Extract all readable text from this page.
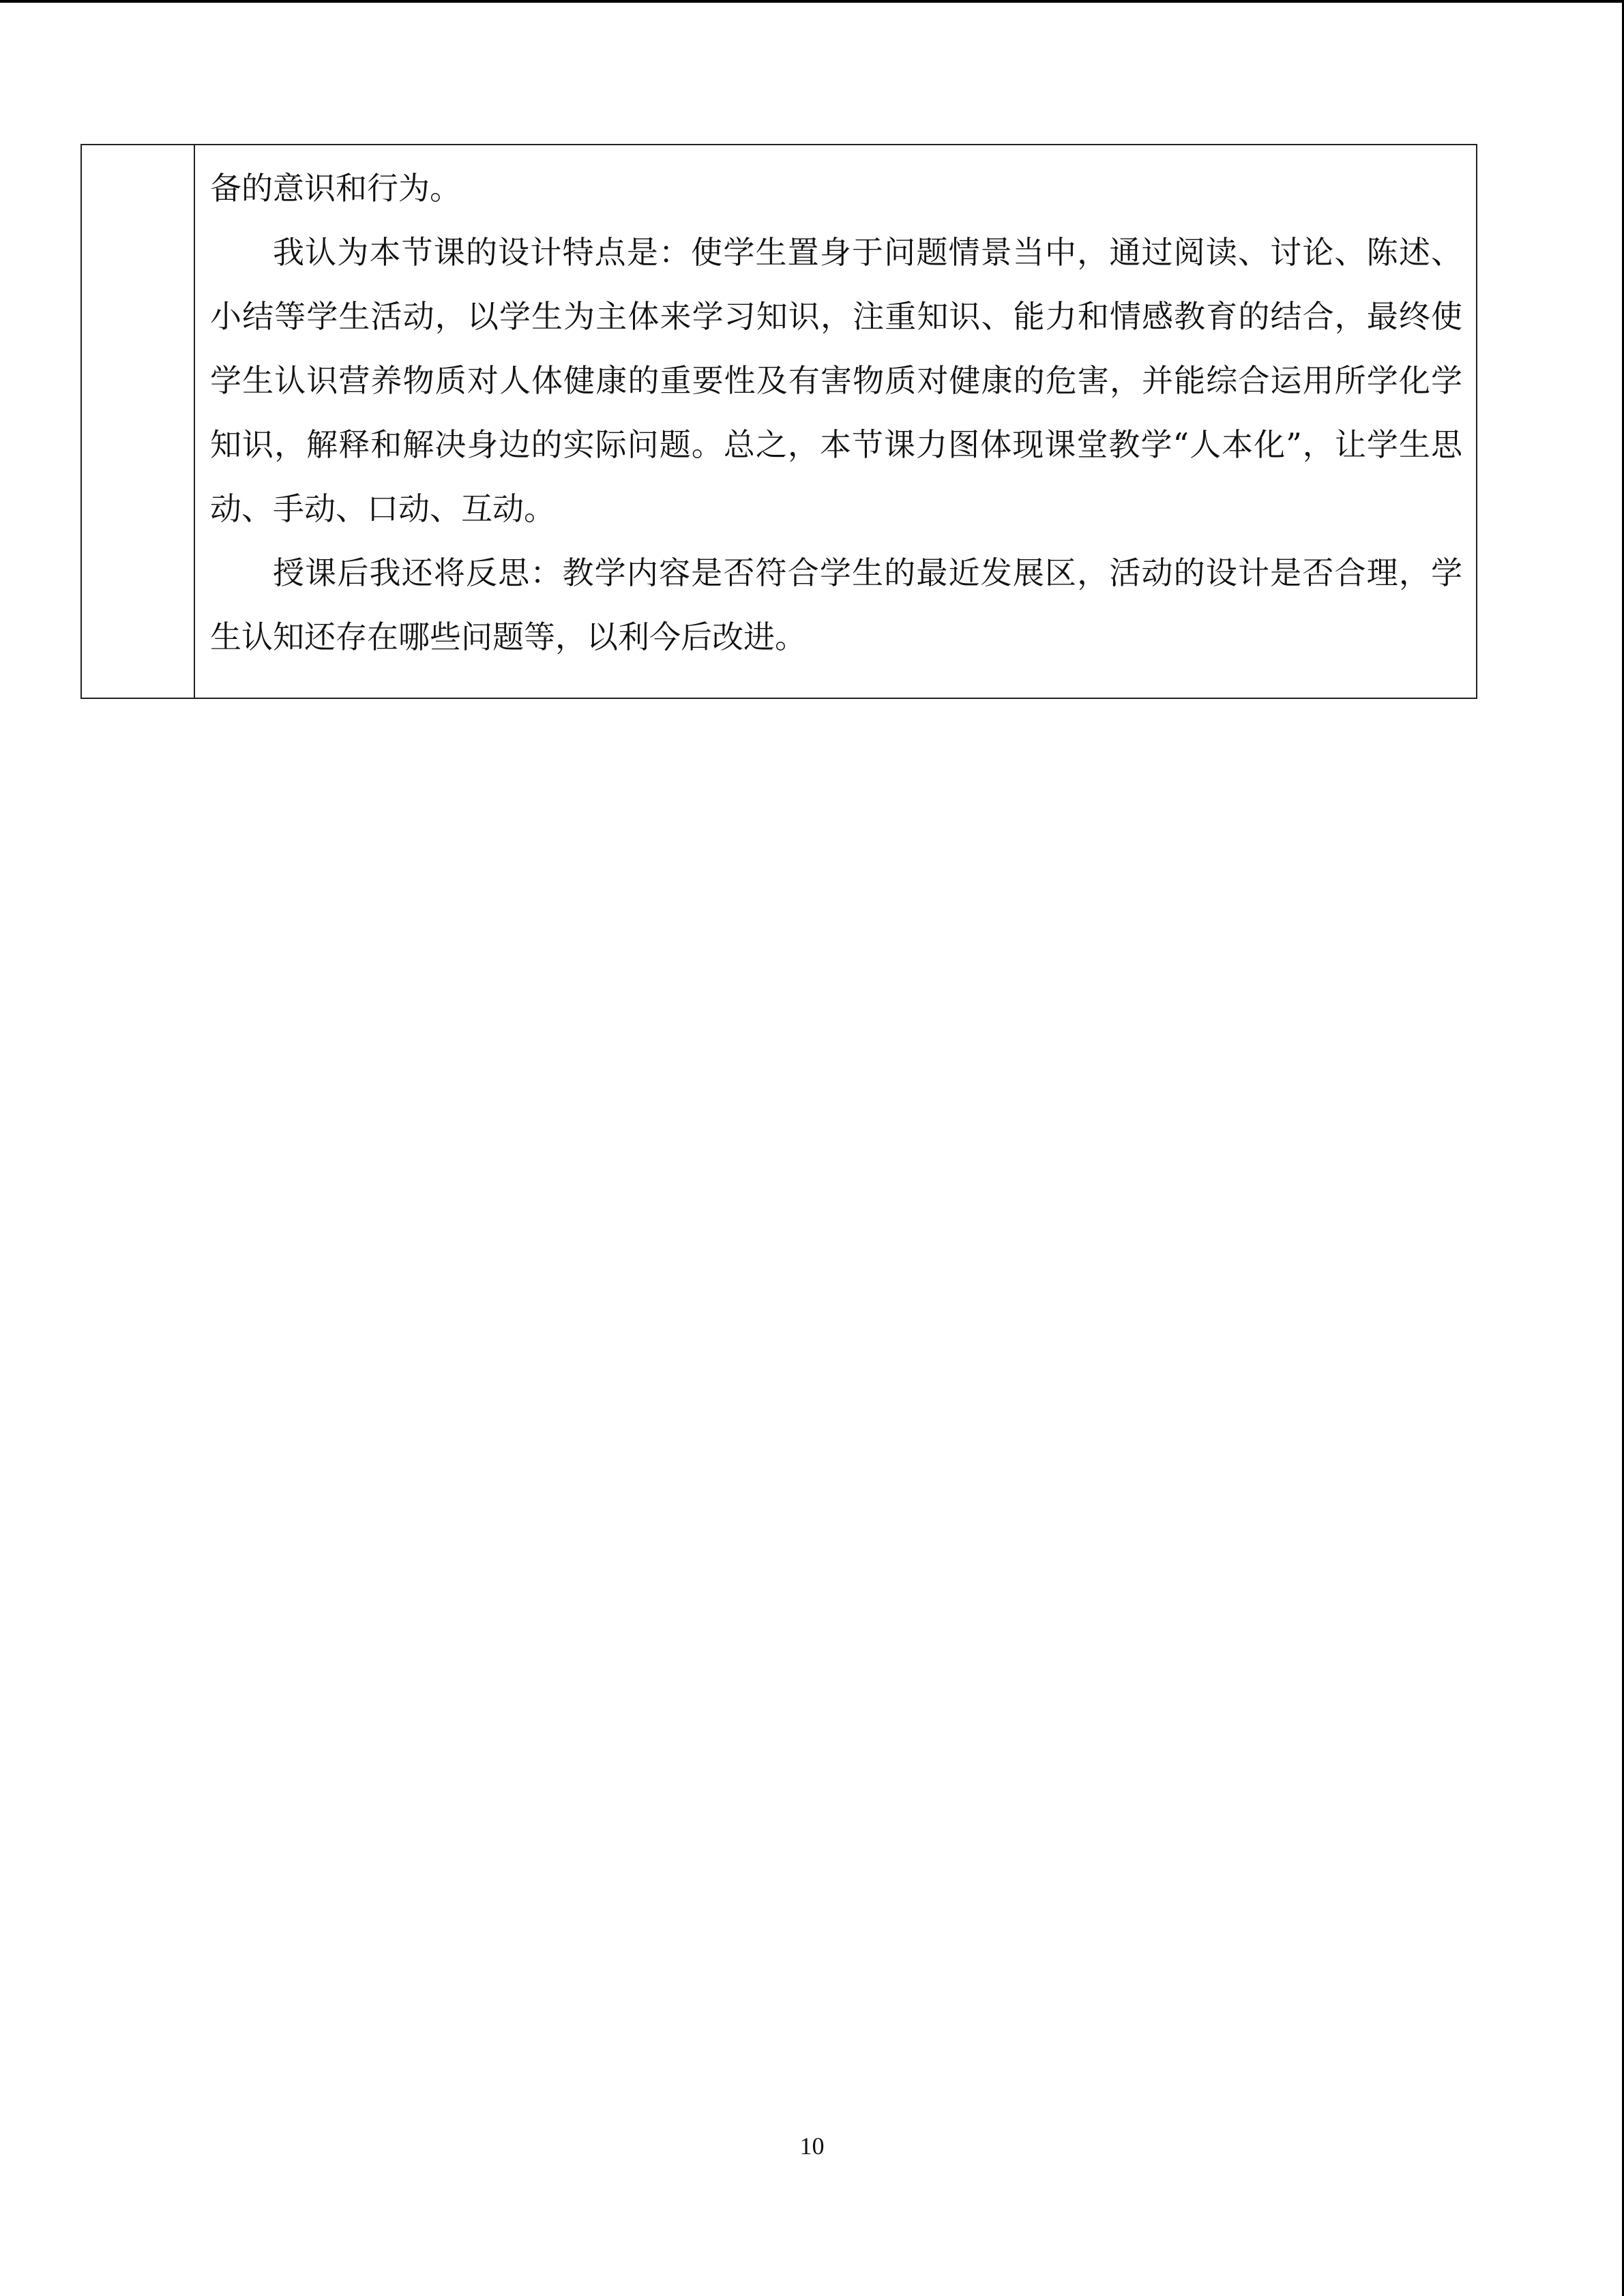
备的意识和行为。

我认为本节课的设计特点是：使学生置身于问题情景当中，通过阅读、讨论、陈述、小结等学生活动，以学生为主体来学习知识，注重知识、能力和情感教育的结合，最终使学生认识营养物质对人体健康的重要性及有害物质对健康的危害，并能综合运用所学化学知识，解释和解决身边的实际问题。总之，本节课力图体现课堂教学“人本化”，让学生思动、手动、口动、互动。

授课后我还将反思：教学内容是否符合学生的最近发展区，活动的设计是否合理，学生认知还存在哪些问题等，以利今后改进。

10
